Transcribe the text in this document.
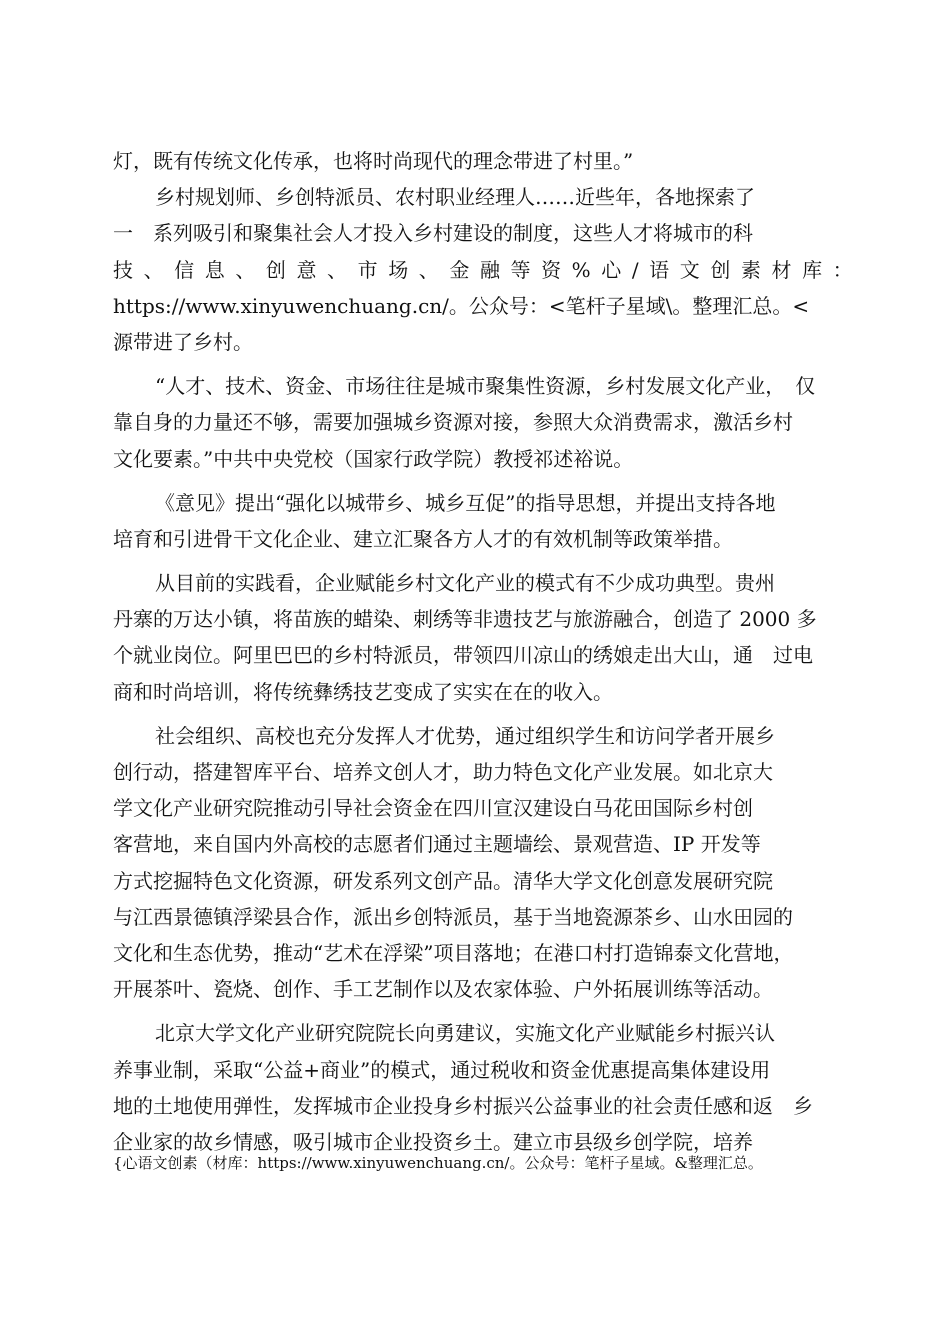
灯，既有传统文化传承，也将时尚现代的理念带进了村里。”
乡村规划师、乡创特派员、农村职业经理人……近些年，各地探索了
一　系列吸引和聚集社会人才投入乡村建设的制度，这些人才将城市的科
技 、 信 息 、 创 意 、 市 场 、 金 融 等 资 % 心 / 语 文 创 素 材 库 ：
https://www.xinyuwenchuang.cn/。公众号：<笔杆子星域\。整理汇总。<
源带进了乡村。
“人才、技术、资金、市场往往是城市聚集性资源，乡村发展文化产业，　仅
靠自身的力量还不够，需要加强城乡资源对接，参照大众消费需求，激活乡村
文化要素。”中共中央党校（国家行政学院）教授祁述裕说。
《意见》提出“强化以城带乡、城乡互促”的指导思想，并提出支持各地
培育和引进骨干文化企业、建立汇聚各方人才的有效机制等政策举措。
从目前的实践看，企业赋能乡村文化产业的模式有不少成功典型。贵州
丹寨的万达小镇，将苗族的蜡染、刺绣等非遗技艺与旅游融合，创造了 2000 多
个就业岗位。阿里巴巴的乡村特派员，带领四川凉山的绣娘走出大山，通　过电
商和时尚培训，将传统彝绣技艺变成了实实在在的收入。
社会组织、高校也充分发挥人才优势，通过组织学生和访问学者开展乡
创行动，搭建智库平台、培养文创人才，助力特色文化产业发展。如北京大
学文化产业研究院推动引导社会资金在四川宣汉建设白马花田国际乡村创
客营地，来自国内外高校的志愿者们通过主题墙绘、景观营造、IP 开发等
方式挖掘特色文化资源，研发系列文创产品。清华大学文化创意发展研究院
与江西景德镇浮梁县合作，派出乡创特派员，基于当地瓷源茶乡、山水田园的
文化和生态优势，推动“艺术在浮梁”项目落地；在港口村打造锦泰文化营地，
开展茶叶、瓷烧、创作、手工艺制作以及农家体验、户外拓展训练等活动。
北京大学文化产业研究院院长向勇建议，实施文化产业赋能乡村振兴认
养事业制，采取“公益+商业”的模式，通过税收和资金优惠提高集体建设用
地的土地使用弹性，发挥城市企业投身乡村振兴公益事业的社会责任感和返　乡
企业家的故乡情感，吸引城市企业投资乡土。建立市县级乡创学院，培养
{心语文创素（材库：https://www.xinyuwenchuang.cn/。公众号：笔杆子星域。&整理汇总。
